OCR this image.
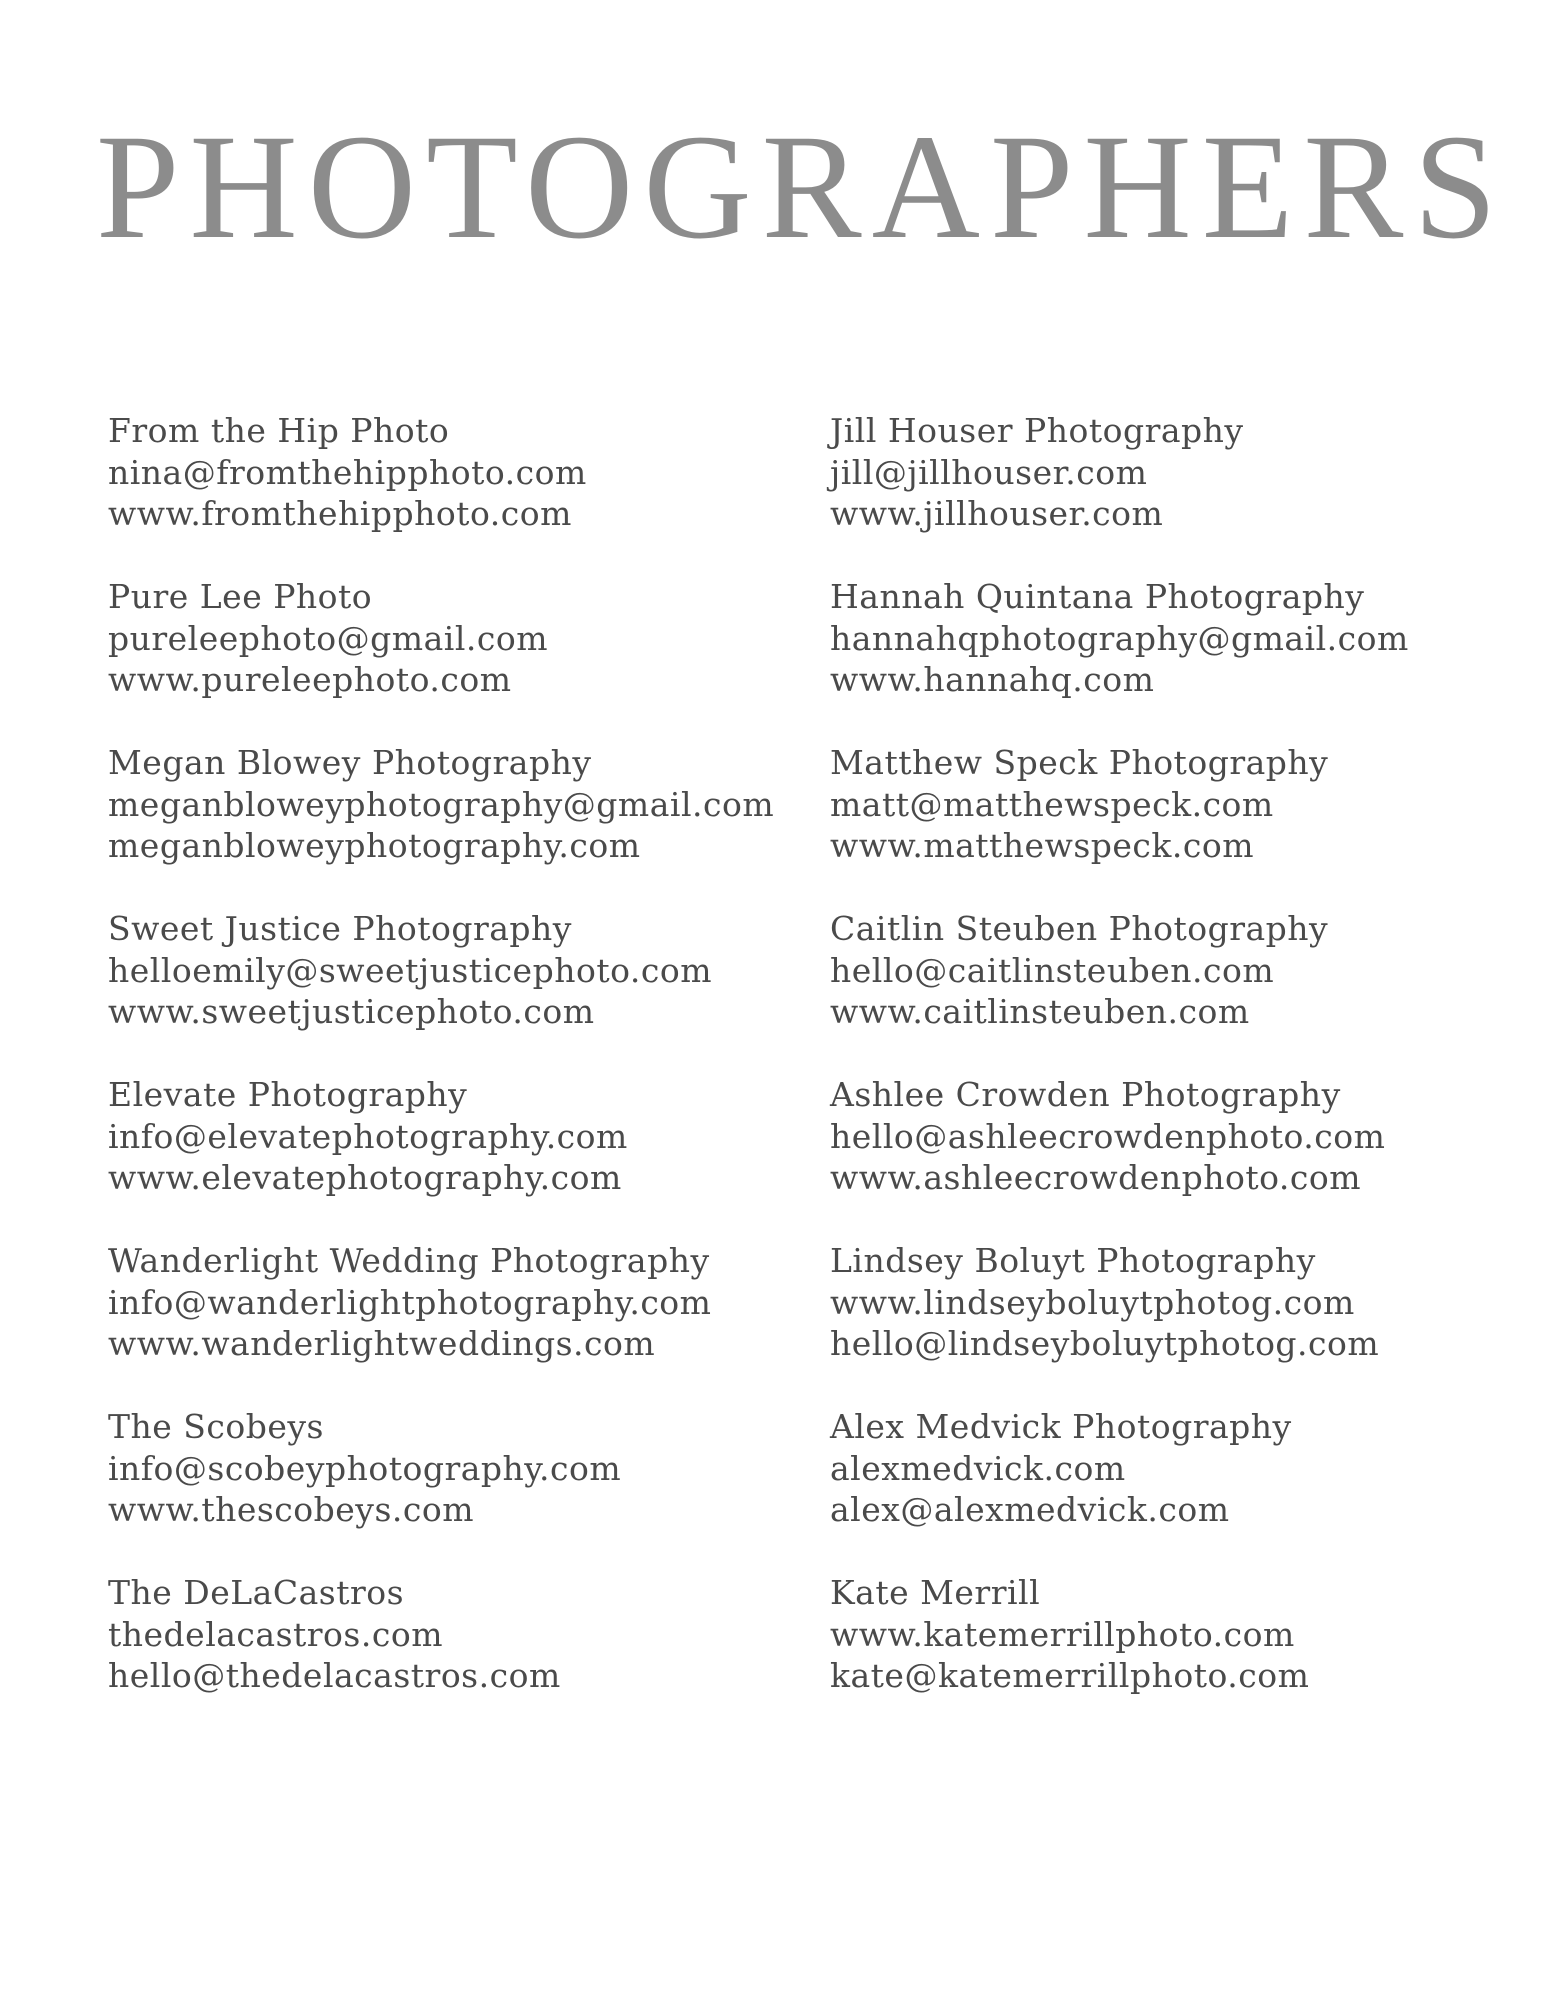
PHOTOGRAPHERS
From the Hip Photo
nina@fromthehipphoto.com
www.fromthehipphoto.com
Pure Lee Photo
pureleephoto@gmail.com
www.pureleephoto.com
Megan Blowey Photography
meganbloweyphotography@gmail.com
meganbloweyphotography.com
Sweet Justice Photography
helloemily@sweetjusticephoto.com
www.sweetjusticephoto.com
Elevate Photography
info@elevatephotography.com
www.elevatephotography.com
Wanderlight Wedding Photography
info@wanderlightphotography.com
www.wanderlightweddings.com
The Scobeys
info@scobeyphotography.com
www.thescobeys.com
The DeLaCastros
thedelacastros.com
hello@thedelacastros.com
Jill Houser Photography
jill@jillhouser.com
www.jillhouser.com
Hannah Quintana Photography
hannahqphotography@gmail.com
www.hannahq.com
Matthew Speck Photography
matt@matthewspeck.com
www.matthewspeck.com
Caitlin Steuben Photography
hello@caitlinsteuben.com
www.caitlinsteuben.com
Ashlee Crowden Photography
hello@ashleecrowdenphoto.com
www.ashleecrowdenphoto.com
Lindsey Boluyt Photography
www.lindseyboluytphotog.com
hello@lindseyboluytphotog.com
Alex Medvick Photography
alexmedvick.com
alex@alexmedvick.com
Kate Merrill
www.katemerrillphoto.com
kate@katemerrillphoto.com
